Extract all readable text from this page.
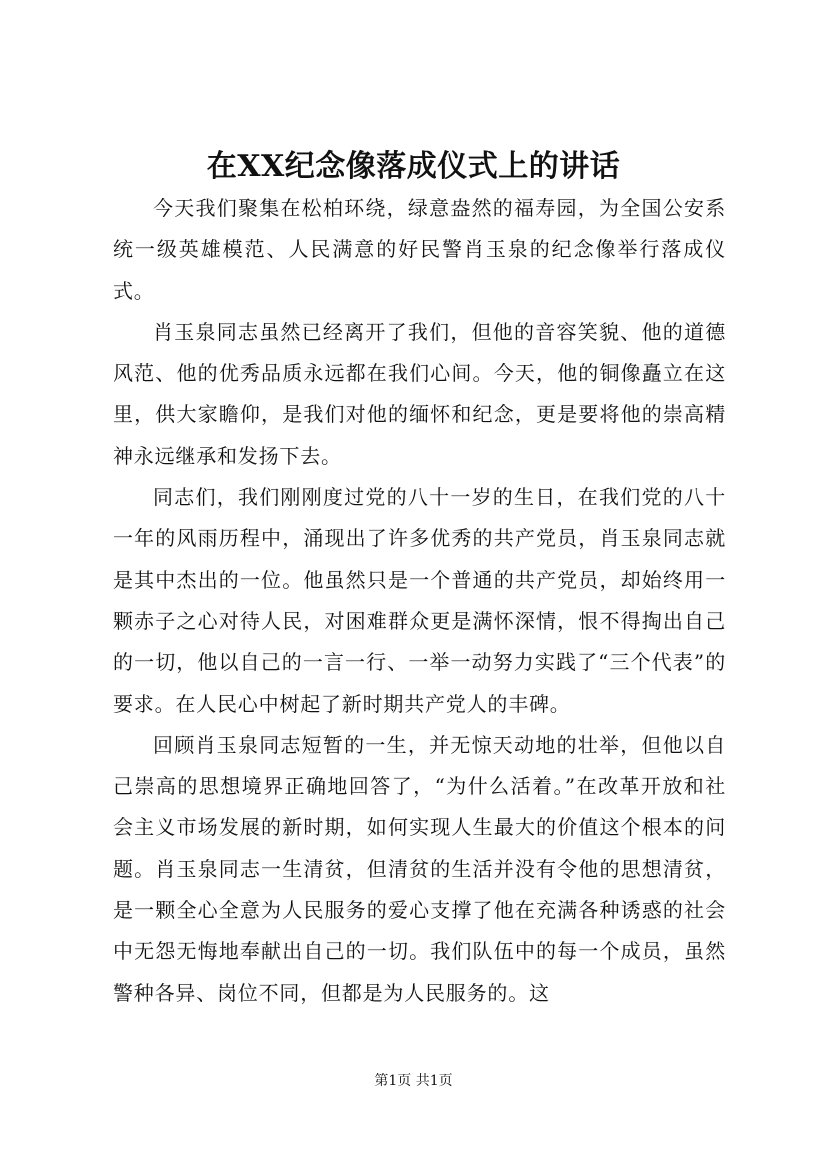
在XX纪念像落成仪式上的讲话

今天我们聚集在松柏环绕，绿意盎然的福寿园，为全国公安系统一级英雄模范、人民满意的好民警肖玉泉的纪念像举行落成仪式。

肖玉泉同志虽然已经离开了我们，但他的音容笑貌、他的道德风范、他的优秀品质永远都在我们心间。今天，他的铜像矗立在这里，供大家瞻仰，是我们对他的缅怀和纪念，更是要将他的崇高精神永远继承和发扬下去。

同志们，我们刚刚度过党的八十一岁的生日，在我们党的八十一年的风雨历程中，涌现出了许多优秀的共产党员，肖玉泉同志就是其中杰出的一位。他虽然只是一个普通的共产党员，却始终用一颗赤子之心对待人民，对困难群众更是满怀深情，恨不得掏出自己的一切，他以自己的一言一行、一举一动努力实践了“三个代表”的要求。在人民心中树起了新时期共产党人的丰碑。

回顾肖玉泉同志短暂的一生，并无惊天动地的壮举，但他以自己崇高的思想境界正确地回答了，“为什么活着。”在改革开放和社会主义市场发展的新时期，如何实现人生最大的价值这个根本的问题。肖玉泉同志一生清贫，但清贫的生活并没有令他的思想清贫，是一颗全心全意为人民服务的爱心支撑了他在充满各种诱惑的社会中无怨无悔地奉献出自己的一切。我们队伍中的每一个成员，虽然警种各异、岗位不同，但都是为人民服务的。这

第1页 共1页
